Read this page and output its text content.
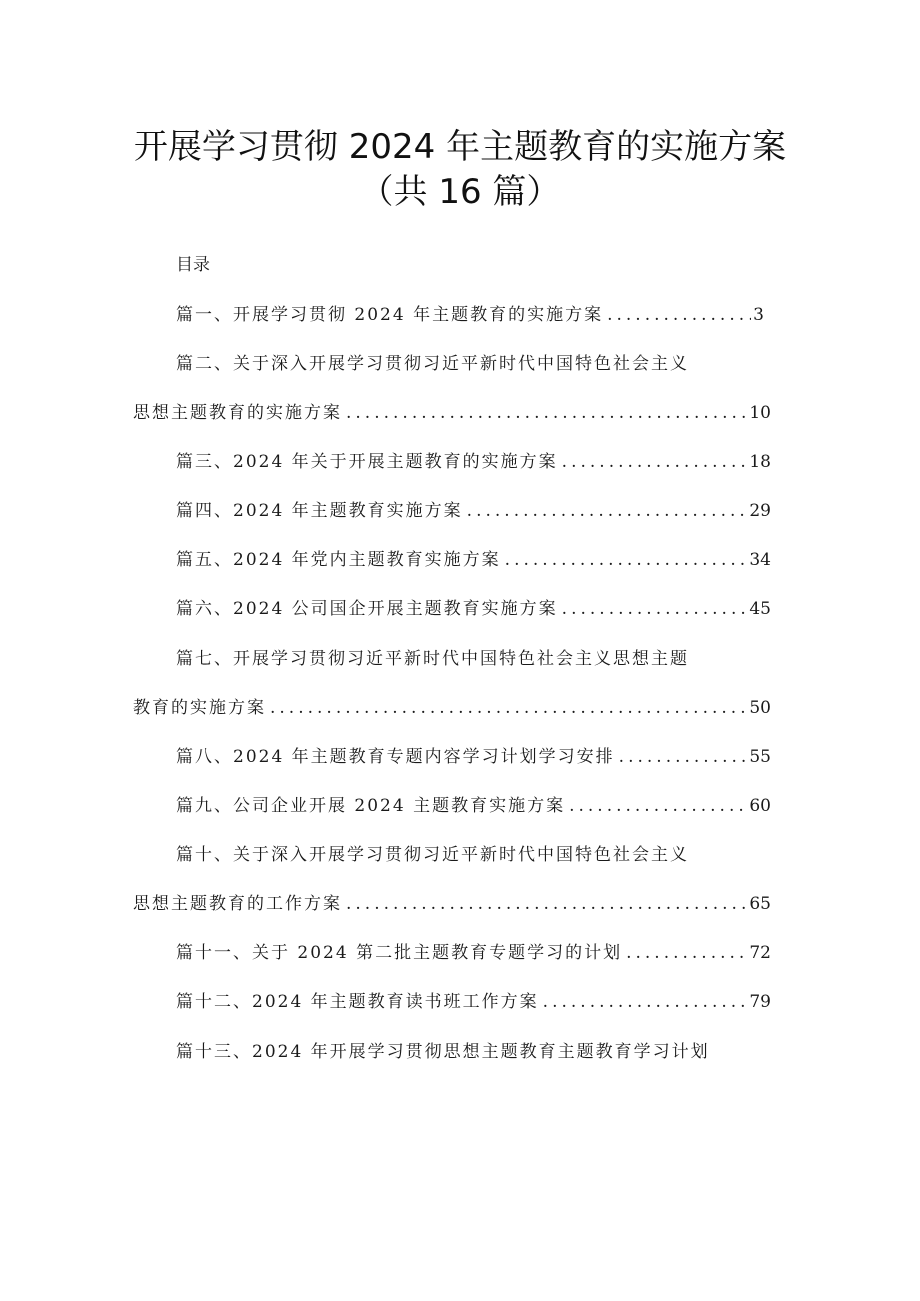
开展学习贯彻 2024 年主题教育的实施方案
（共 16 篇）
目录
篇一、开展学习贯彻 2024 年主题教育的实施方案 .....	3
篇二、关于深入开展学习贯彻习近平新时代中国特色社会主义
思想主题教育的实施方案 .....	10
篇三、2024 年关于开展主题教育的实施方案 .....	18
篇四、2024 年主题教育实施方案 .....	29
篇五、2024 年党内主题教育实施方案 .....	34
篇六、2024 公司国企开展主题教育实施方案 .....	45
篇七、开展学习贯彻习近平新时代中国特色社会主义思想主题
教育的实施方案 .....	50
篇八、2024 年主题教育专题内容学习计划学习安排 .....	55
篇九、公司企业开展 2024 主题教育实施方案 .....	60
篇十、关于深入开展学习贯彻习近平新时代中国特色社会主义
思想主题教育的工作方案 .....	65
篇十一、关于 2024 第二批主题教育专题学习的计划 .....	72
篇十二、2024 年主题教育读书班工作方案 .....	79
篇十三、2024 年开展学习贯彻思想主题教育主题教育学习计划
